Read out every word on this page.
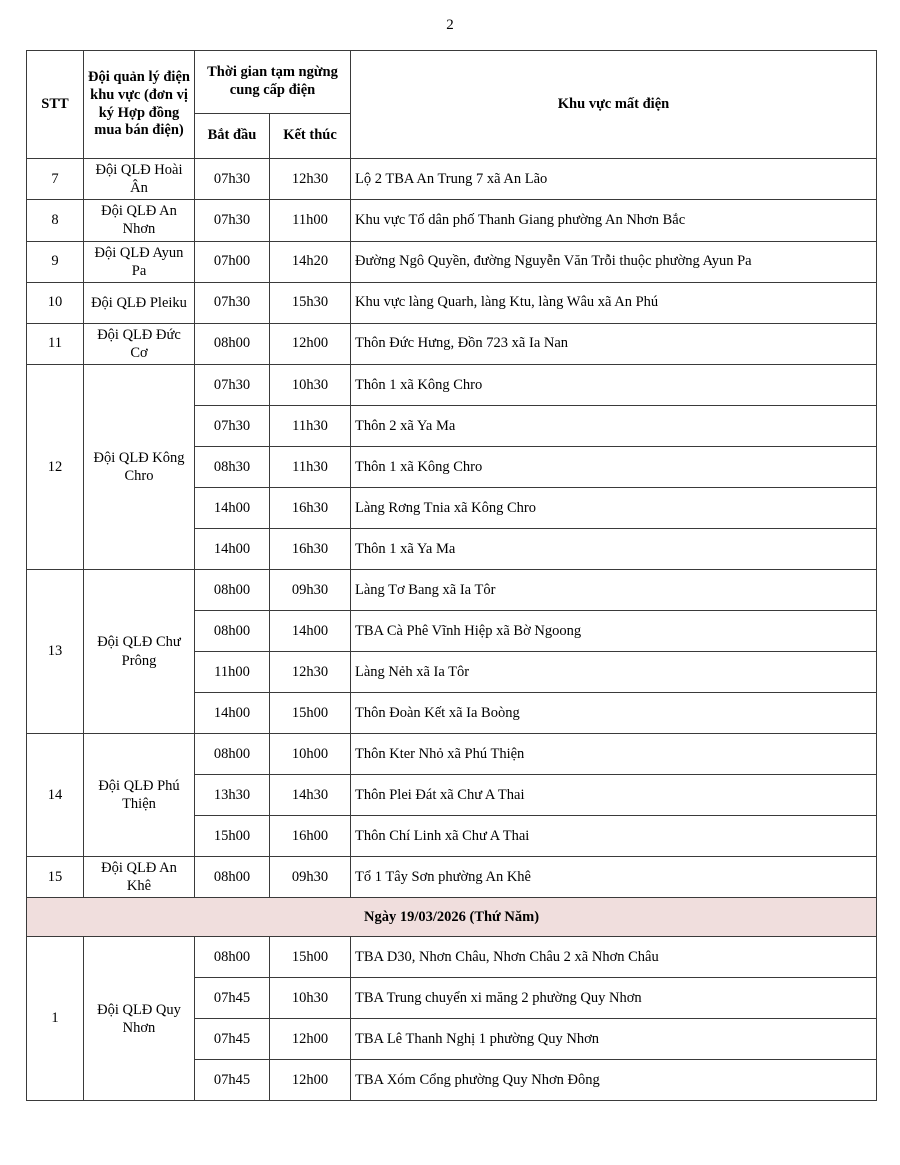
2
STT	Đội quản lý điện khu vực (đơn vị ký Hợp đồng mua bán điện)	Thời gian tạm ngừng cung cấp điện		Khu vực mất điện
		Bắt đầu	Kết thúc	
7	Đội QLĐ Hoài Ân	07h30	12h30	Lộ 2 TBA An Trung 7 xã An Lão
8	Đội QLĐ An Nhơn	07h30	11h00	Khu vực Tổ dân phố Thanh Giang phường An Nhơn Bắc
9	Đội QLĐ Ayun Pa	07h00	14h20	Đường Ngô Quyền, đường Nguyễn Văn Trỗi thuộc phường Ayun Pa
10	Đội QLĐ Pleiku	07h30	15h30	Khu vực làng Quarh, làng Ktu, làng Wâu xã An Phú
11	Đội QLĐ Đức Cơ	08h00	12h00	Thôn Đức Hưng, Đồn 723 xã Ia Nan
12	Đội QLĐ Kông Chro	07h30	10h30	Thôn 1 xã Kông Chro
		07h30	11h30	Thôn 2 xã Ya Ma
		08h30	11h30	Thôn 1 xã Kông Chro
		14h00	16h30	Làng Rơng Tnia xã Kông Chro
		14h00	16h30	Thôn 1 xã Ya Ma
13	Đội QLĐ Chư Prông	08h00	09h30	Làng Tơ Bang xã Ia Tôr
		08h00	14h00	TBA Cà Phê Vĩnh Hiệp xã Bờ Ngoong
		11h00	12h30	Làng Nẻh xã Ia Tôr
		14h00	15h00	Thôn Đoàn Kết xã Ia Boòng
14	Đội QLĐ Phú Thiện	08h00	10h00	Thôn Kter Nhỏ xã Phú Thiện
		13h30	14h30	Thôn Plei Đát xã Chư A Thai
		15h00	16h00	Thôn Chí Linh xã Chư A Thai
15	Đội QLĐ An Khê	08h00	09h30	Tổ 1 Tây Sơn phường An Khê
Ngày 19/03/2026 (Thứ Năm)				
1	Đội QLĐ Quy Nhơn	08h00	15h00	TBA D30, Nhơn Châu, Nhơn Châu 2 xã Nhơn Châu
		07h45	10h30	TBA Trung chuyển xi măng 2 phường Quy Nhơn
		07h45	12h00	TBA Lê Thanh Nghị 1 phường Quy Nhơn
		07h45	12h00	TBA Xóm Cổng phường Quy Nhơn Đông
